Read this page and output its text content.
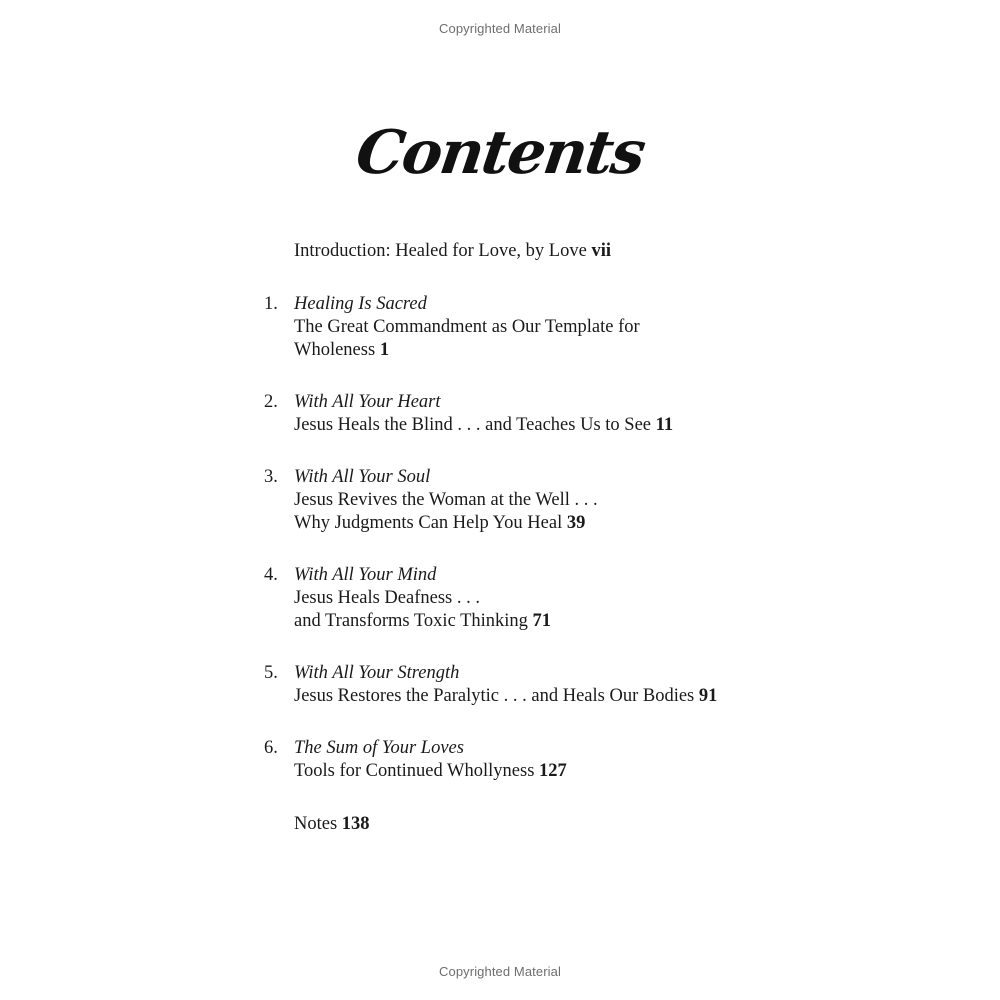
Copyrighted Material
Contents
Introduction: Healed for Love, by Love vii
1. Healing Is Sacred
The Great Commandment as Our Template for
Wholeness 1
2. With All Your Heart
Jesus Heals the Blind . . . and Teaches Us to See 11
3. With All Your Soul
Jesus Revives the Woman at the Well . . .
Why Judgments Can Help You Heal 39
4. With All Your Mind
Jesus Heals Deafness . . .
and Transforms Toxic Thinking 71
5. With All Your Strength
Jesus Restores the Paralytic . . . and Heals Our Bodies 91
6. The Sum of Your Loves
Tools for Continued Whollyness 127
Notes 138
Copyrighted Material
